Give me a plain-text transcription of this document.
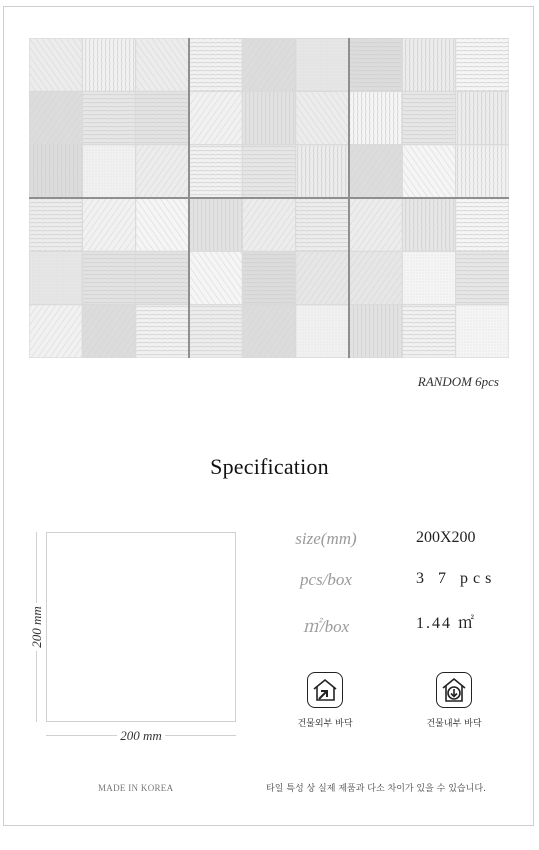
RANDOM 6pcs
Specification
200 mm
200 mm
size(mm)	200X200
pcs/box	3 7 pcs
㎡/box	1.44 ㎡
건물외부 바닥	건물내부 바닥
MADE IN KOREA	타일 특성 상 실제 제품과 다소 차이가 있을 수 있습니다.
